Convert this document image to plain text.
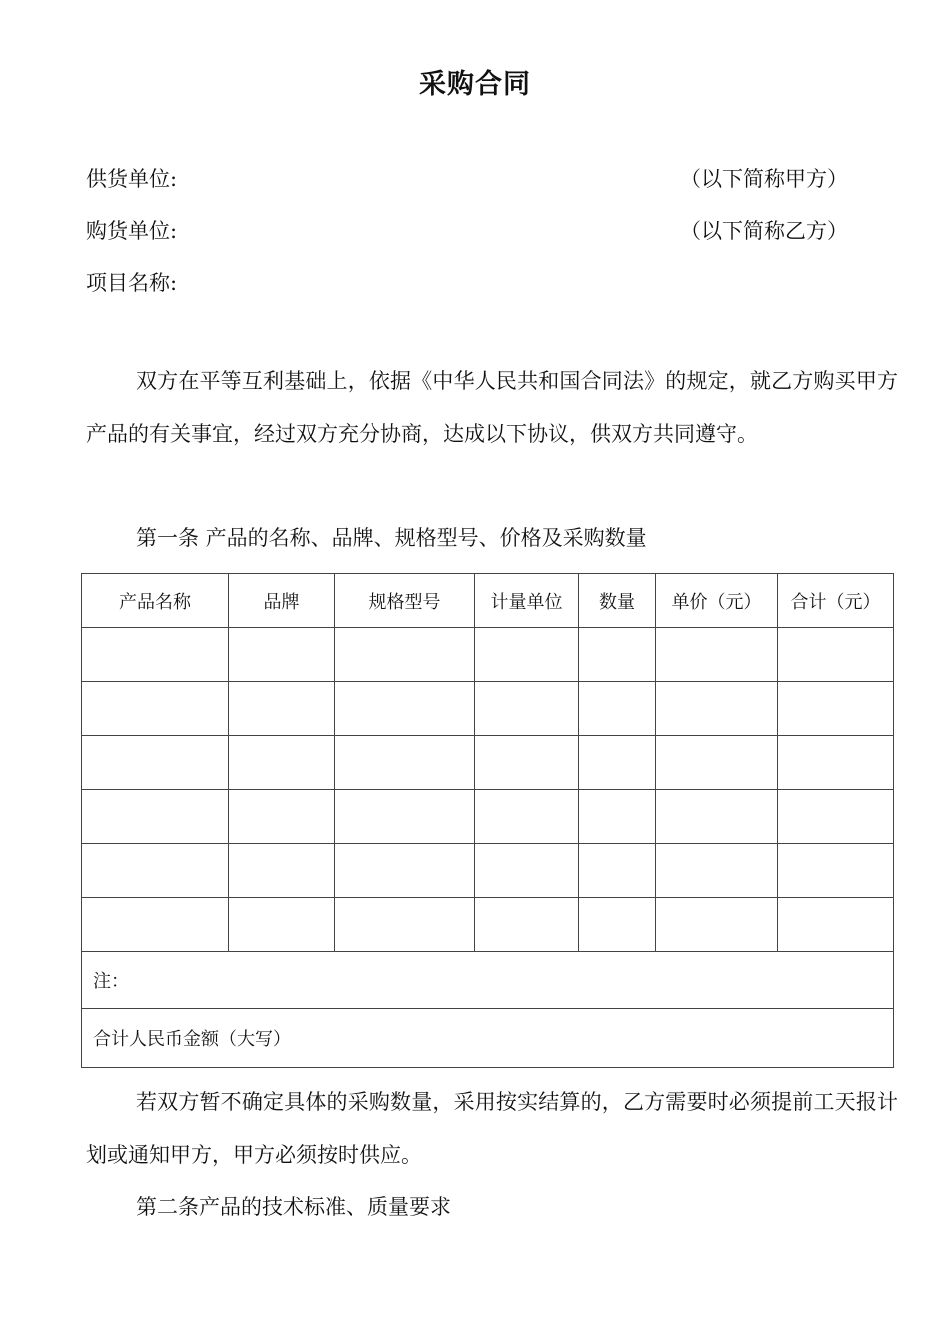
采购合同
供货单位:	（以下简称甲方）
购货单位:	（以下简称乙方）
项目名称:
双方在平等互利基础上，依据《中华人民共和国合同法》的规定，就乙方购买甲方产品的有关事宜，经过双方充分协商，达成以下协议，供双方共同遵守。
第一条 产品的名称、品牌、规格型号、价格及采购数量
产品名称	品牌	规格型号	计量单位	数量	单价（元）	合计（元）

注：						
合计人民币金额（大写）						
若双方暂不确定具体的采购数量，采用按实结算的，乙方需要时必须提前工天报计划或通知甲方，甲方必须按时供应。
第二条产品的技术标准、质量要求
